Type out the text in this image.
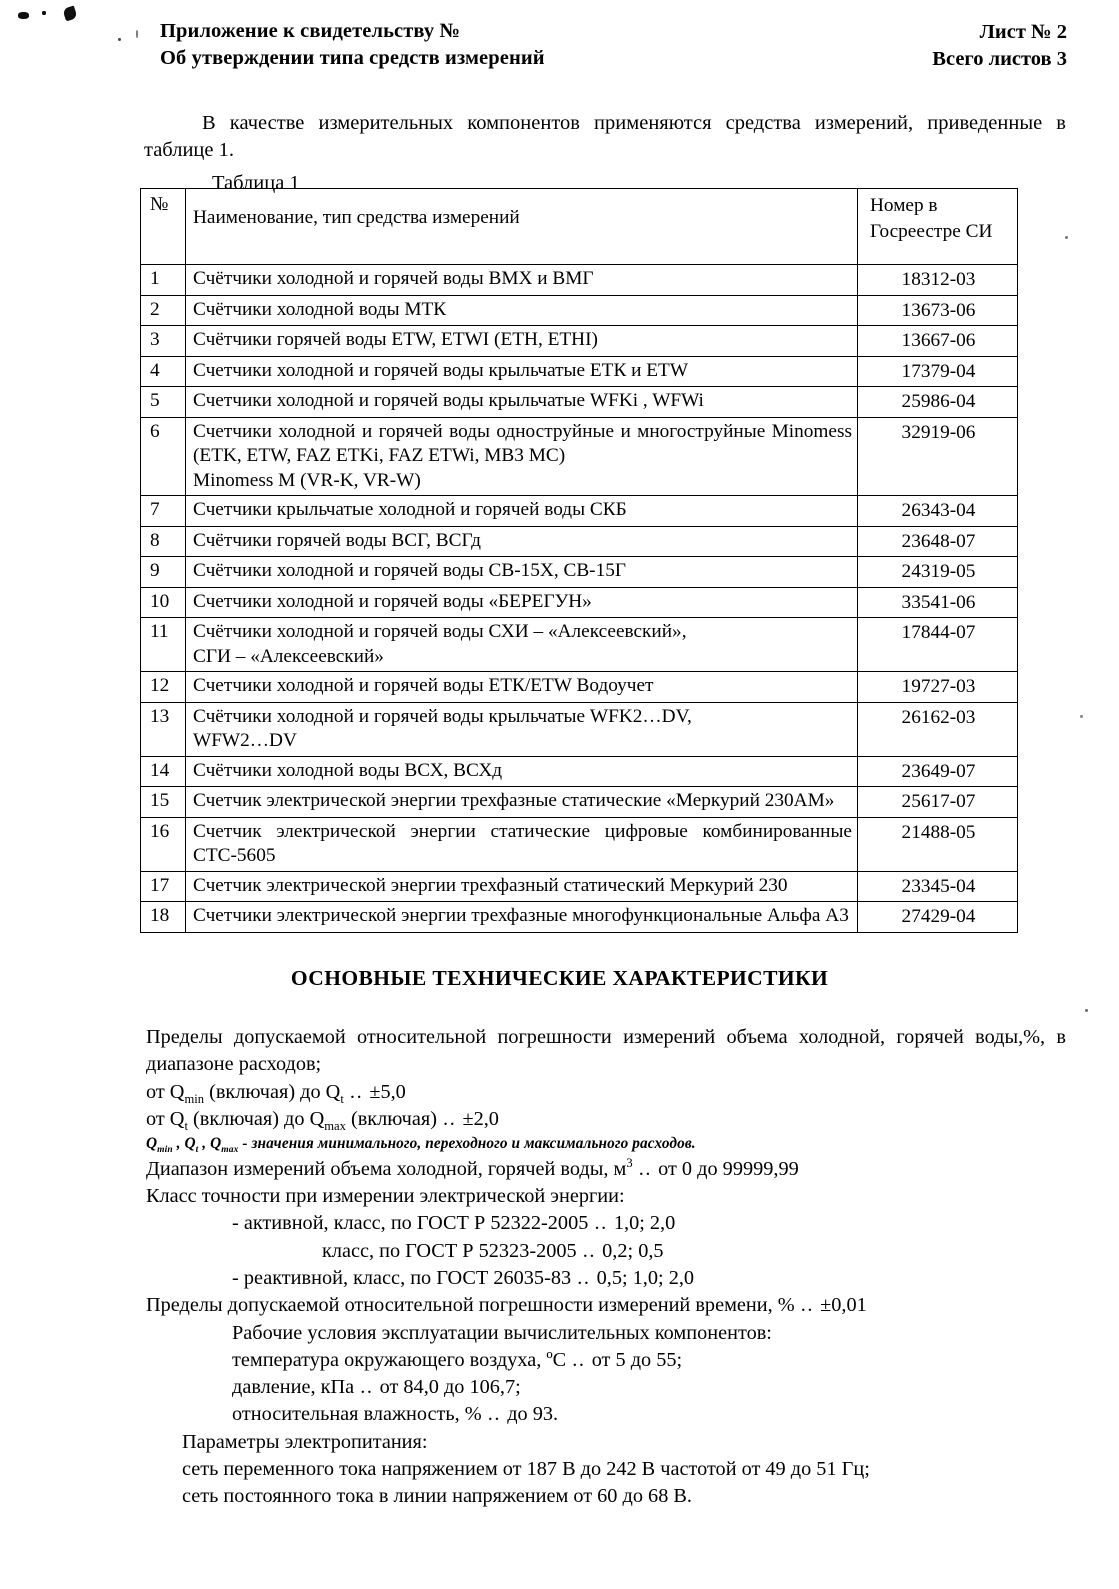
Приложение к свидетельству №
Об утверждении типа средств измерений
Лист № 2
Всего листов 3
В качестве измерительных компонентов применяются средства измерений, приведенные в таблице 1.
Таблица 1
№	Наименование, тип средства измерений	Номер в
Госреестре СИ
1	Счётчики холодной и горячей воды ВМХ и ВМГ	18312-03
2	Счётчики холодной воды МТК	13673-06
3	Счётчики горячей воды ETW, ETWI (ETH, ETHI)	13667-06
4	Счетчики холодной и горячей воды крыльчатые ЕТК и ETW	17379-04
5	Счетчики холодной и горячей воды крыльчатые WFKi , WFWi	25986-04
6	Счетчики холодной и горячей воды одноструйные и многоструйные Minomess (ETK, ETW, FAZ ETKi, FAZ ETWi, MB3 MC)
Minomess M (VR-K, VR-W)	32919-06
7	Счетчики крыльчатые холодной и горячей воды СКБ	26343-04
8	Счётчики горячей воды ВСГ, ВСГд	23648-07
9	Счётчики холодной и горячей воды СВ-15Х, СВ-15Г	24319-05
10	Счетчики холодной и горячей воды «БЕРЕГУН»	33541-06
11	Счётчики холодной и горячей воды СХИ – «Алексеевский»,
СГИ – «Алексеевский»	17844-07
12	Счетчики холодной и горячей воды ЕТК/ETW Водоучет	19727-03
13	Счётчики холодной и горячей воды крыльчатые WFK2…DV,
WFW2…DV	26162-03
14	Счётчики холодной воды ВСХ, ВСХд	23649-07
15	Счетчик электрической энергии трехфазные статические «Меркурий 230АМ»	25617-07
16	Счетчик электрической энергии статические цифровые комбинированные СТС-5605	21488-05
17	Счетчик электрической энергии трехфазный статический Меркурий 230	23345-04
18	Счетчики электрической энергии трехфазные многофункциональные Альфа А3	27429-04
ОСНОВНЫЕ ТЕХНИЧЕСКИЕ ХАРАКТЕРИСТИКИ
Пределы допускаемой относительной погрешности измерений объема холодной, горячей воды,%, в диапазоне расходов;
от $Q_{min}$ (включая) до $Q_t$ .. ±5,0
от $Q_t$ (включая) до $Q_{max}$ (включая) .. ±2,0
$Q_{min}$ , $Q_t$ , $Q_{max}$ - значения минимального, переходного и максимального расходов.
Диапазон измерений объема холодной, горячей воды, $м^3$ .. от 0 до 99999,99
Класс точности при измерении электрической энергии:
- активной, класс, по ГОСТ Р 52322-2005 .. 1,0; 2,0
класс, по ГОСТ Р 52323-2005 .. 0,2; 0,5
- реактивной, класс, по ГОСТ 26035-83 .. 0,5; 1,0; 2,0
Пределы допускаемой относительной погрешности измерений времени, % .. ±0,01
Рабочие условия эксплуатации вычислительных компонентов:
температура окружающего воздуха, ºС .. от 5 до 55;
давление, кПа .. от 84,0 до 106,7;
относительная влажность, % .. до 93.
Параметры электропитания:
сеть переменного тока напряжением от 187 В до 242 В частотой от 49 до 51 Гц;
сеть постоянного тока в линии напряжением от 60 до 68 В.
